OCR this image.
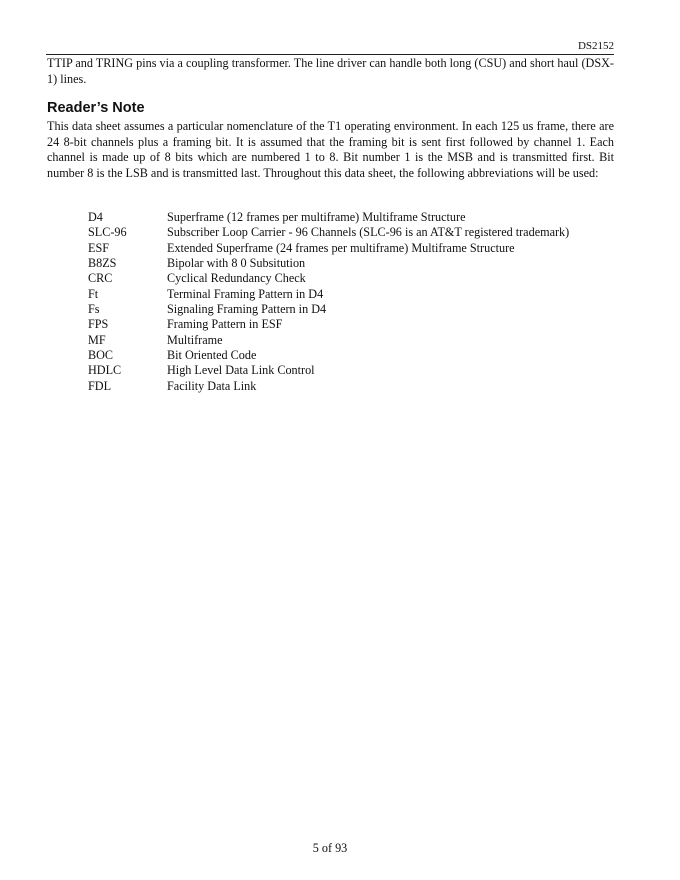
DS2152

TTIP and TRING pins via a coupling transformer. The line driver can handle both long (CSU) and short haul (DSX-1) lines.

Reader’s Note

This data sheet assumes a particular nomenclature of the T1 operating environment. In each 125 us frame, there are 24 8-bit channels plus a framing bit. It is assumed that the framing bit is sent first followed by channel 1. Each channel is made up of 8 bits which are numbered 1 to 8. Bit number 1 is the MSB and is transmitted first. Bit number 8 is the LSB and is transmitted last. Throughout this data sheet, the following abbreviations will be used:

D4	Superframe (12 frames per multiframe) Multiframe Structure
SLC-96	Subscriber Loop Carrier - 96 Channels (SLC-96 is an AT&T registered trademark)
ESF	Extended Superframe (24 frames per multiframe) Multiframe Structure
B8ZS	Bipolar with 8 0 Subsitution
CRC	Cyclical Redundancy Check
Ft	Terminal Framing Pattern in D4
Fs	Signaling Framing Pattern in D4
FPS	Framing Pattern in ESF
MF	Multiframe
BOC	Bit Oriented Code
HDLC	High Level Data Link Control
FDL	Facility Data Link
5 of 93
